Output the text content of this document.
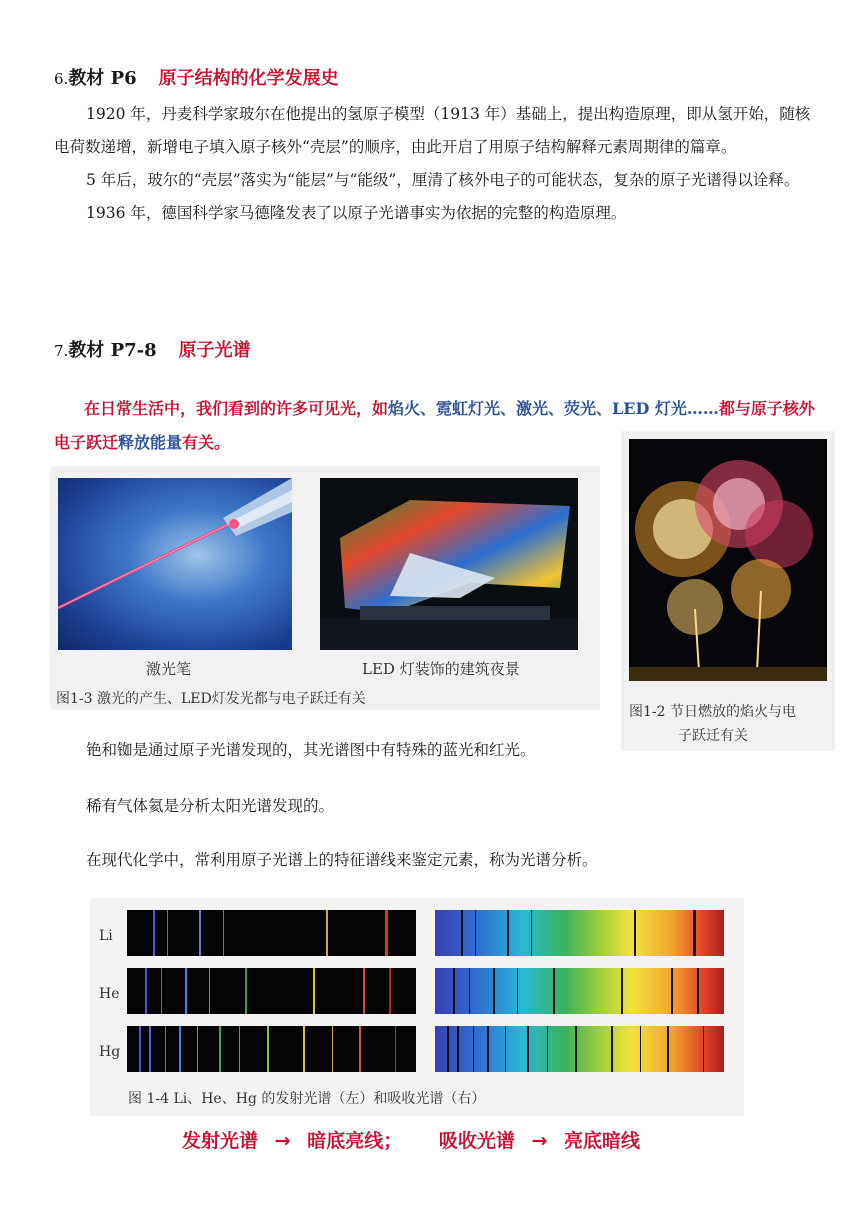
6.教材 P6 原子结构的化学发展史

1920 年，丹麦科学家玻尔在他提出的氢原子模型（1913 年）基础上，提出构造原理，即从氢开始，随核电荷数递增，新增电子填入原子核外“壳层”的顺序，由此开启了用原子结构解释元素周期律的篇章。

5 年后，玻尔的“壳层”落实为“能层”与“能级”，厘清了核外电子的可能状态，复杂的原子光谱得以诠释。

1936 年，德国科学家马德隆发表了以原子光谱事实为依据的完整的构造原理。

7.教材 P7-8 原子光谱
在日常生活中，我们看到的许多可见光，如焰火、霓虹灯光、激光、荧光、LED 灯光……都与原子核外电子跃迁释放能量有关。
激光笔	LED 灯装饰的建筑夜景
图1-3 激光的产生、LED灯发光都与电子跃迁有关
图1-2 节日燃放的焰火与电
子跃迁有关
铯和铷是通过原子光谱发现的，其光谱图中有特殊的蓝光和红光。
稀有气体氦是分析太阳光谱发现的。
在现代化学中，常利用原子光谱上的特征谱线来鉴定元素，称为光谱分析。
Li
He
Hg
图 1-4 Li、He、Hg 的发射光谱（左）和吸收光谱（右）
发射光谱 → 暗底亮线； 吸收光谱 → 亮底暗线
